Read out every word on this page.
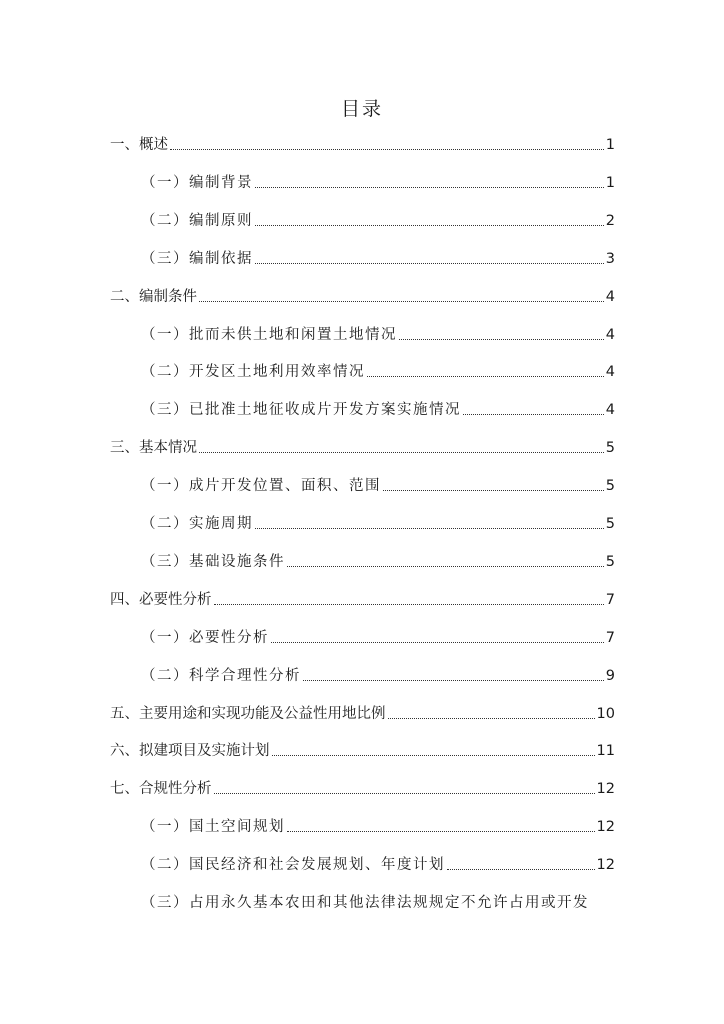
目录
一、概述	1
（一）编制背景	1
（二）编制原则	2
（三）编制依据	3
二、编制条件	4
（一）批而未供土地和闲置土地情况	4
（二）开发区土地利用效率情况	4
（三）已批准土地征收成片开发方案实施情况	4
三、基本情况	5
（一）成片开发位置、面积、范围	5
（二）实施周期	5
（三）基础设施条件	5
四、必要性分析	7
（一）必要性分析	7
（二）科学合理性分析	9
五、主要用途和实现功能及公益性用地比例	10
六、拟建项目及实施计划	11
七、合规性分析	12
（一）国土空间规划	12
（二）国民经济和社会发展规划、年度计划	12
（三）占用永久基本农田和其他法律法规规定不允许占用或开发
